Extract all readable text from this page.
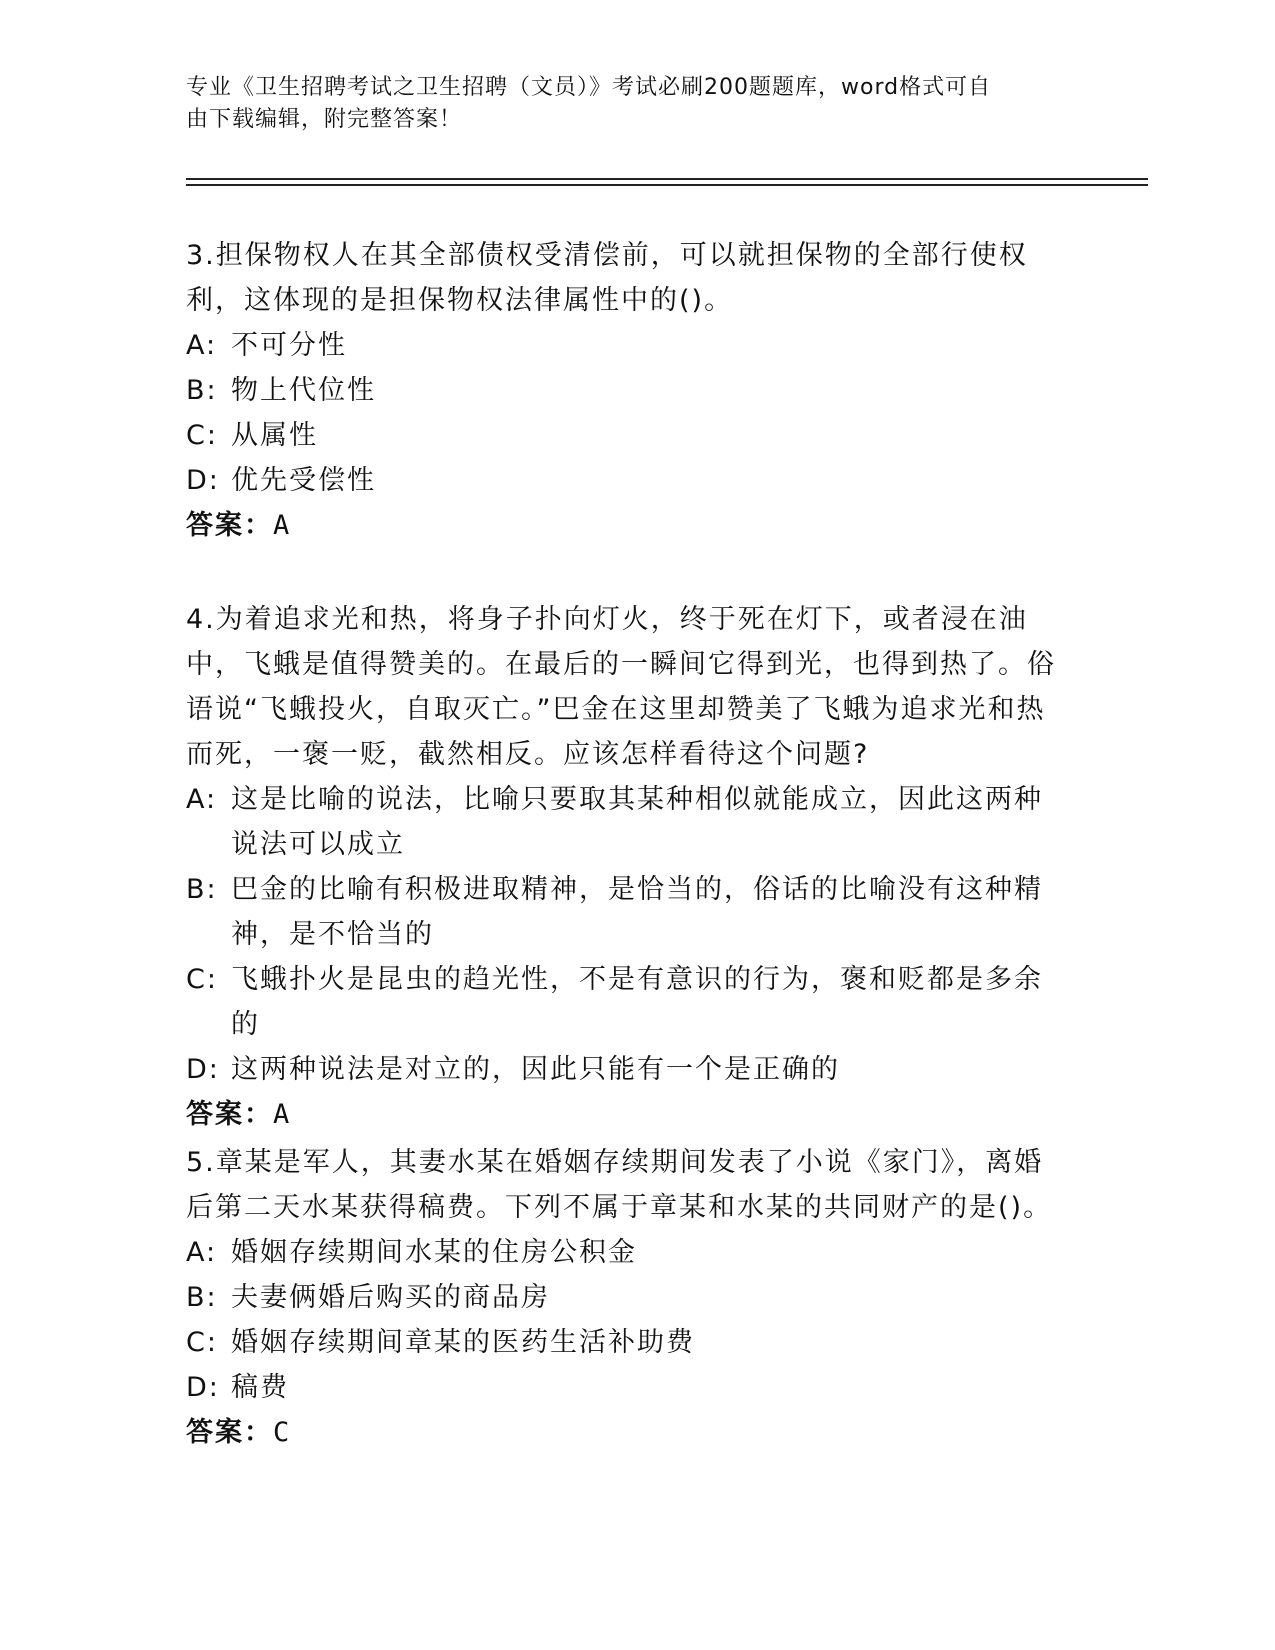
专业《卫生招聘考试之卫生招聘（文员）》考试必刷200题题库，word格式可自
由下载编辑，附完整答案！

3.担保物权人在其全部债权受清偿前，可以就担保物的全部行使权利，这体现的是担保物权法律属性中的()。

A: 不可分性
B: 物上代位性
C: 从属性
D: 优先受偿性

答案：A

4.为着追求光和热，将身子扑向灯火，终于死在灯下，或者浸在油中，飞蛾是值得赞美的。在最后的一瞬间它得到光，也得到热了。俗语说“飞蛾投火，自取灭亡。”巴金在这里却赞美了飞蛾为追求光和热而死，一褒一贬，截然相反。应该怎样看待这个问题?

A: 这是比喻的说法，比喻只要取其某种相似就能成立，因此这两种说法可以成立
B: 巴金的比喻有积极进取精神，是恰当的，俗话的比喻没有这种精神，是不恰当的
C: 飞蛾扑火是昆虫的趋光性，不是有意识的行为，褒和贬都是多余的
D: 这两种说法是对立的，因此只能有一个是正确的

答案：A

5.章某是军人，其妻水某在婚姻存续期间发表了小说《家门》，离婚后第二天水某获得稿费。下列不属于章某和水某的共同财产的是()。

A: 婚姻存续期间水某的住房公积金
B: 夫妻俩婚后购买的商品房
C: 婚姻存续期间章某的医药生活补助费
D: 稿费

答案：C
